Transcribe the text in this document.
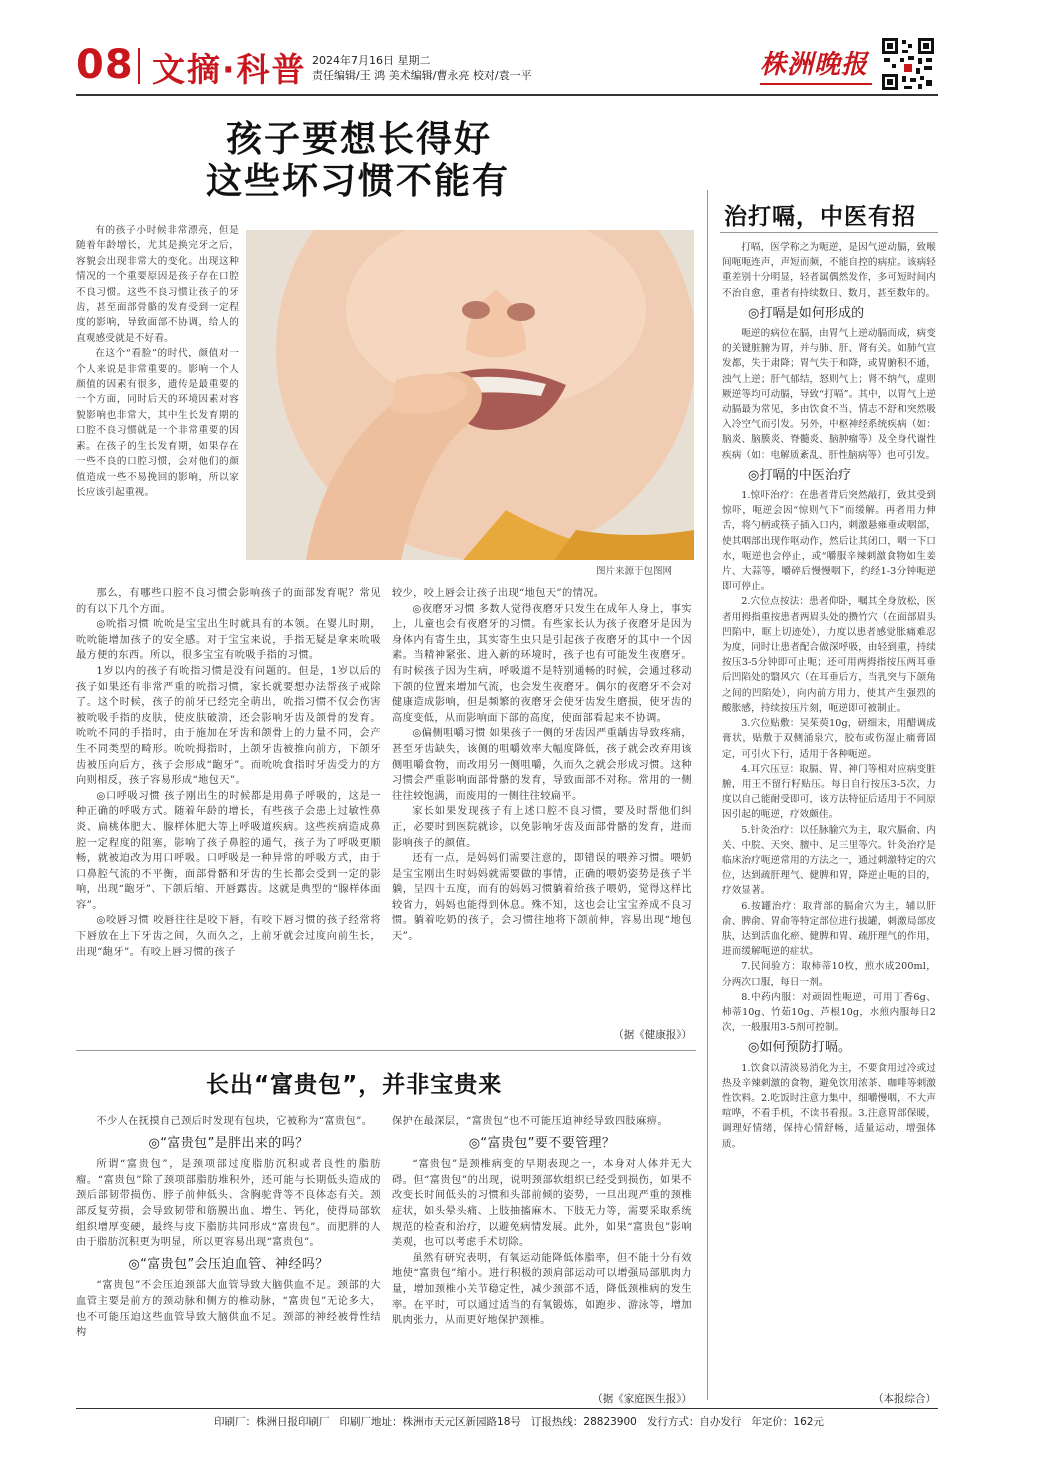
08 文摘·科普 2024年7月16日 星期二
责任编辑/王 鸿 美术编辑/曹永亮 校对/袁一平	株洲晚报
孩子要想长得好
这些坏习惯不能有

有的孩子小时候非常漂亮，但是随着年龄增长，尤其是换完牙之后，容貌会出现非常大的变化。出现这种情况的一个重要原因是孩子存在口腔不良习惯。这些不良习惯让孩子的牙齿，甚至面部骨骼的发育受到一定程度的影响，导致面部不协调，给人的直观感受就是不好看。

在这个“看脸”的时代，颜值对一个人来说是非常重要的。影响一个人颜值的因素有很多，遗传是最重要的一个方面，同时后天的环境因素对容貌影响也非常大，其中生长发育期的口腔不良习惯就是一个非常重要的因素。在孩子的生长发育期，如果存在一些不良的口腔习惯，会对他们的颜值造成一些不易挽回的影响，所以家长应该引起重视。

图片来源于包图网

那么，有哪些口腔不良习惯会影响孩子的面部发育呢？常见的有以下几个方面。

◎吮指习惯 吮吮是宝宝出生时就具有的本领。在婴儿时期，吮吮能增加孩子的安全感。对于宝宝来说，手指无疑是拿来吮吸最方便的东西。所以，很多宝宝有吮吸手指的习惯。

1岁以内的孩子有吮指习惯是没有问题的。但是，1岁以后的孩子如果还有非常严重的吮指习惯，家长就要想办法帮孩子戒除了。这个时候，孩子的前牙已经完全萌出，吮指习惯不仅会伤害被吮吸手指的皮肤，使皮肤破溃，还会影响牙齿及颌骨的发育。吮吮不同的手指时，由于施加在牙齿和颌骨上的力量不同，会产生不同类型的畸形。吮吮拇指时，上颌牙齿被推向前方，下颌牙齿被压向后方，孩子会形成“龅牙”。而吮吮食指时牙齿受力的方向则相反，孩子容易形成“地包天”。

◎口呼吸习惯 孩子刚出生的时候都是用鼻子呼吸的，这是一种正确的呼吸方式。随着年龄的增长，有些孩子会患上过敏性鼻炎、扁桃体肥大、腺样体肥大等上呼吸道疾病。这些疾病造成鼻腔一定程度的阻塞，影响了孩子鼻腔的通气，孩子为了呼吸更顺畅，就被迫改为用口呼吸。口呼吸是一种异常的呼吸方式，由于口鼻腔气流的不平衡，面部骨骼和牙齿的生长都会受到一定的影响，出现“龅牙”、下颌后缩、开唇露齿。这就是典型的“腺样体面容”。

◎咬唇习惯 咬唇往往是咬下唇，有咬下唇习惯的孩子经常将下唇放在上下牙齿之间，久而久之，上前牙就会过度向前生长，出现“龅牙”。有咬上唇习惯的孩子

较少，咬上唇会让孩子出现“地包天”的情况。

◎夜磨牙习惯 多数人觉得夜磨牙只发生在成年人身上，事实上，儿童也会有夜磨牙的习惯。有些家长认为孩子夜磨牙是因为身体内有寄生虫，其实寄生虫只是引起孩子夜磨牙的其中一个因素。当精神紧张、进入新的环境时，孩子也有可能发生夜磨牙。有时候孩子因为生病，呼吸道不是特别通畅的时候，会通过移动下颌的位置来增加气流，也会发生夜磨牙。偶尔的夜磨牙不会对健康造成影响，但是频繁的夜磨牙会使牙齿发生磨损，使牙齿的高度变低，从而影响面下部的高度，使面部看起来不协调。

◎偏侧咀嚼习惯 如果孩子一侧的牙齿因严重龋齿导致疼痛，甚至牙齿缺失，该侧的咀嚼效率大幅度降低，孩子就会改弃用该侧咀嚼食物，而改用另一侧咀嚼，久而久之就会形成习惯。这种习惯会严重影响面部骨骼的发育，导致面部不对称。常用的一侧往往较饱满，而废用的一侧往往较扁平。

家长如果发现孩子有上述口腔不良习惯，要及时帮他们纠正，必要时到医院就诊，以免影响牙齿及面部骨骼的发育，进而影响孩子的颜值。

还有一点，是妈妈们需要注意的，即错误的喂养习惯。喂奶是宝宝刚出生时妈妈就需要做的事情，正确的喂奶姿势是孩子半躺，呈四十五度，而有的妈妈习惯躺着给孩子喂奶，觉得这样比较省力，妈妈也能得到休息。殊不知，这也会让宝宝养成不良习惯。躺着吃奶的孩子，会习惯往地将下颌前伸，容易出现“地包天”。

（据《健康报》）
长出“富贵包”，并非宝贵来

不少人在抚摸自己颈后时发现有包块，它被称为“富贵包”。

◎“富贵包”是胖出来的吗？

所谓“富贵包”，是颈项部过度脂肪沉积或者良性的脂肪瘤。“富贵包”除了颈项部脂肪堆积外，还可能与长期低头造成的颈后部韧带损伤、脖子前伸低头、含胸驼背等不良体态有关。颈部反复劳损，会导致韧带和筋膜出血、增生、钙化，使得局部软组织增厚变硬，最终与皮下脂肪共同形成“富贵包”。而肥胖的人由于脂肪沉积更为明显，所以更容易出现“富贵包”。

◎“富贵包”会压迫血管、神经吗？

“富贵包”不会压迫颈部大血管导致大脑供血不足。颈部的大血管主要是前方的颈动脉和侧方的椎动脉，“富贵包”无论多大，也不可能压迫这些血管导致大脑供血不足。颈部的神经被骨性结构

保护在最深层，“富贵包”也不可能压迫神经导致四肢麻痹。

◎“富贵包”要不要管理？

“富贵包”是颈椎病变的早期表现之一，本身对人体并无大碍。但“富贵包”的出现，说明颈部软组织已经受到损伤，如果不改变长时间低头的习惯和头部前倾的姿势，一旦出现严重的颈椎症状，如头晕头痛、上肢抽搐麻木、下肢无力等，需要采取系统规范的检查和治疗，以避免病情发展。此外，如果“富贵包”影响美观，也可以考虑手术切除。

虽然有研究表明，有氧运动能降低体脂率，但不能十分有效地使“富贵包”缩小。进行积极的颈肩部运动可以增强局部肌肉力量，增加颈椎小关节稳定性，减少颈部不适，降低颈椎病的发生率。在平时，可以通过适当的有氧锻炼，如跑步、游泳等，增加肌肉张力，从而更好地保护颈椎。

（据《家庭医生报》）
治打嗝，中医有招

打嗝，医学称之为呃逆，是因气逆动膈，致喉间呃呃连声，声短而频，不能自控的病症。该病轻重差别十分明显，轻者属偶然发作，多可短时间内不治自愈，重者有持续数日、数月，甚至数年的。

◎打嗝是如何形成的

呃逆的病位在膈，由胃气上逆动膈而成，病变的关键脏腑为胃，并与肺、肝、肾有关。如肺气宣发都，失于肃降；胃气失于和降，或胃腑积不通，浊气上逆；肝气郁结，怒则气上；肾不纳气，虚则厥逆等均可动膈，导致“打嗝”。其中，以胃气上逆动膈最为常见，多由饮食不当、情志不舒和突然吸入冷空气而引发。另外，中枢神经系统疾病（如：脑炎、脑膜炎、脊髓炎、脑肿瘤等）及全身代谢性疾病（如：电解质紊乱、肝性脑病等）也可引发。

◎打嗝的中医治疗

1.惊吓治疗：在患者背后突然敲打，致其受到惊吓，呃逆会因“惊则气下”而缓解。再者用力伸舌，将勺柄或筷子插入口内，刺激悬雍垂或咽部，使其咽部出现作呕动作，然后让其闭口，咽一下口水，呃逆也会停止，或“嚼服辛辣刺激食物如生姜片、大蒜等，嚼碎后慢慢咽下，约经1-3分钟呃逆即可停止。

2.穴位点按法：患者仰卧，嘱其全身放松，医者用拇指重按患者两眉头处的攒竹穴（在面部眉头凹陷中，眶上切迹处），力度以患者感觉胀痛难忍为度，同时让患者配合做深呼吸，由轻到重，持续按压3-5分钟即可止呃；还可用两拇指按压两耳垂后凹陷处的翳风穴（在耳垂后方，当乳突与下颌角之间的凹陷处），向内前方用力，使其产生强烈的酸胀感，持续按压片刻，呃逆即可被制止。

3.穴位贴敷：吴茱萸10g，研细末，用醋调成膏状，贴敷于双侧涌泉穴，胶布或伤湿止痛膏固定，可引火下行，适用于各种呃逆。

4.耳穴压豆：取膈、胃、神门等相对应病变脏腑，用王不留行籽贴压。每日自行按压3-5次，力度以自己能耐受即可，该方法特征后适用于不同原因引起的呃逆，疗效颇佳。

5.针灸治疗：以任脉腧穴为主，取穴膈俞、内关、中脘、天突、膻中、足三里等穴。针灸治疗是临床治疗呃逆常用的方法之一，通过刺激特定的穴位，达到疏肝理气、健脾和胃，降逆止呃的目的，疗效显著。

6.按罐治疗：取背部的膈俞穴为主，辅以肝俞、脾俞、胃俞等特定部位进行拔罐，刺激局部皮肤，达到活血化瘀、健脾和胃、疏肝理气的作用，进而缓解呃逆的症状。

7.民间验方：取柿蒂10枚，煎水成200ml，分两次口服，每日一剂。

8.中药内服：对顽固性呃逆，可用丁香6g、柿蒂10g、竹茹10g、芦根10g，水煎内服每日2次，一般服用3-5剂可控制。

◎如何预防打嗝。

1.饮食以清淡易消化为主，不要食用过冷或过热及辛辣刺激的食物，避免饮用浓茶、咖啡等刺激性饮料。2.吃饭时注意力集中，细嚼慢咽，不大声喧哗，不看手机，不读书看报。3.注意胃部保暖，调理好情绪，保持心情舒畅，适量运动，增强体质。

（本报综合）
印刷厂：株洲日报印刷厂 印刷厂地址：株洲市天元区新园路18号 订报热线：28823900 发行方式：自办发行 年定价：162元
